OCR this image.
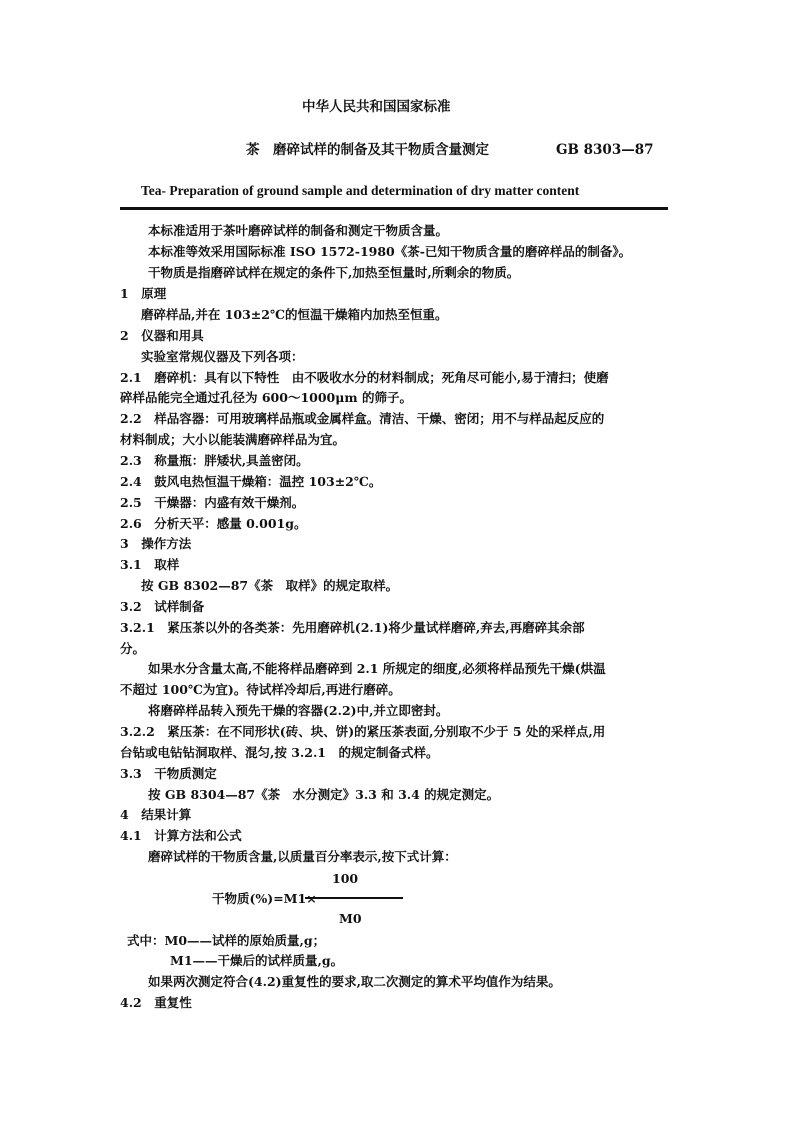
中华人民共和国国家标准
茶　磨碎试样的制备及其干物质含量测定	GB 8303—87
Tea- Preparation of ground sample and determination of dry matter content
本标准适用于茶叶磨碎试样的制备和测定干物质含量。
本标准等效采用国际标准 ISO 1572-1980《茶-已知干物质含量的磨碎样品的制备》。
干物质是指磨碎试样在规定的条件下,加热至恒量时,所剩余的物质。
1　原理
磨碎样品,并在 103±2℃的恒温干燥箱内加热至恒重。
2　仪器和用具
实验室常规仪器及下列各项：
2.1　磨碎机：具有以下特性　由不吸收水分的材料制成；死角尽可能小,易于清扫；使磨
碎样品能完全通过孔径为 600～1000μm 的筛子。
2.2　样品容器：可用玻璃样品瓶或金属样盒。清洁、干燥、密闭；用不与样品起反应的
材料制成；大小以能装满磨碎样品为宜。
2.3　称量瓶：胖矮状,具盖密闭。
2.4　鼓风电热恒温干燥箱：温控 103±2℃。
2.5　干燥器：内盛有效干燥剂。
2.6　分析天平：感量 0.001g。
3　操作方法
3.1　取样
按 GB 8302—87《茶　取样》的规定取样。
3.2　试样制备
3.2.1　紧压茶以外的各类茶：先用磨碎机(2.1)将少量试样磨碎,弃去,再磨碎其余部
分。
如果水分含量太高,不能将样品磨碎到 2.1 所规定的细度,必须将样品预先干燥(烘温
不超过 100℃为宜)。待试样冷却后,再进行磨碎。
将磨碎样品转入预先干燥的容器(2.2)中,并立即密封。
3.2.2　紧压茶：在不同形状(砖、块、饼)的紧压茶表面,分别取不少于 5 处的采样点,用
台钻或电钻钻洞取样、混匀,按 3.2.1　的规定制备式样。
3.3　干物质测定
按 GB 8304—87《茶　水分测定》3.3 和 3.4 的规定测定。
4　结果计算
4.1　计算方法和公式
磨碎试样的干物质含量,以质量百分率表示,按下式计算：
100
干物质(%)=M1×
M0
式中：M0——试样的原始质量,g；
M1——干燥后的试样质量,g。
如果两次测定符合(4.2)重复性的要求,取二次测定的算术平均值作为结果。
4.2　重复性
